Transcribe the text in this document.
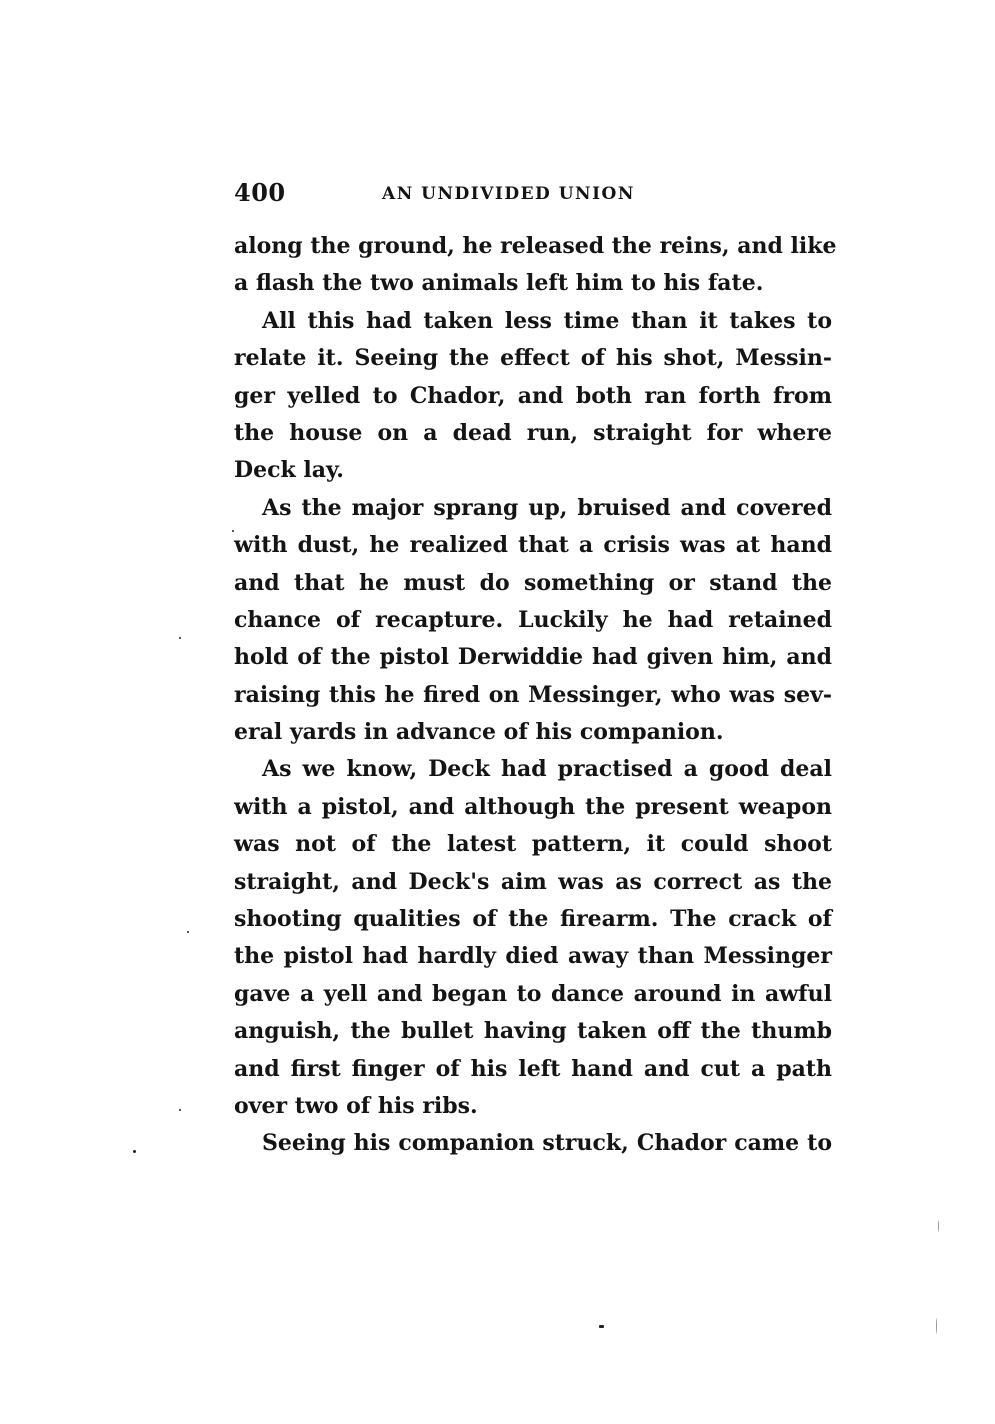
400	AN UNDIVIDED UNION
along the ground, he released the reins, and like
a flash the two animals left him to his fate.
All this had taken less time than it takes to
relate it. Seeing the effect of his shot, Messin-
ger yelled to Chador, and both ran forth from
the house on a dead run, straight for where
Deck lay.
As the major sprang up, bruised and covered
with dust, he realized that a crisis was at hand
and that he must do something or stand the
chance of recapture. Luckily he had retained
hold of the pistol Derwiddie had given him, and
raising this he fired on Messinger, who was sev-
eral yards in advance of his companion.
As we know, Deck had practised a good deal
with a pistol, and although the present weapon
was not of the latest pattern, it could shoot
straight, and Deck's aim was as correct as the
shooting qualities of the firearm. The crack of
the pistol had hardly died away than Messinger
gave a yell and began to dance around in awful
anguish, the bullet having taken off the thumb
and first finger of his left hand and cut a path
over two of his ribs.
Seeing his companion struck, Chador came to
